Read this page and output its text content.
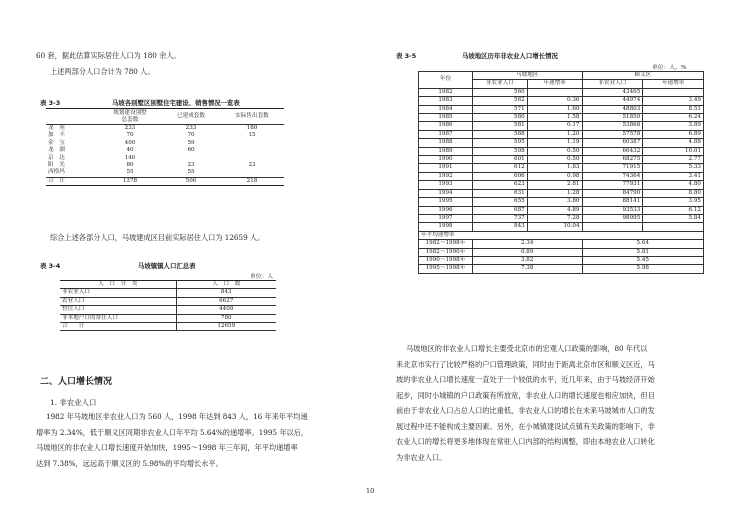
60 套，据此估算实际居住人口为 180 余人。
上述两部分人口合计为 780 人。
表 3-3	马坡各别墅区别墅住宅建设、销售情况一览表
	规划建设别墅
总套数	已建成套数	实际售出套数
龙　苑	233	233	180
加　丰	70	70	15
金　宝	400	59	
龙　湖	40	60	
京　达	140		
阳　光	80	23	23
西格玛	55	55	
合　计	1378	500	218
综合上述各部分人口，马坡建成区目前实际居住人口为 12659 人。
表 3-4	马坡镇镇人口汇总表
单位：人
人　口　分　类	人　口　数
非农业人口	843
农业人口	6627
暂住人口	4409
非本地户口的常住人口	780
合　　计	12659
二、人口增长情况
1. 非农业人口
1982 年马坡地区非农业人口为 560 人，1998 年达到 843 人，16 年来年平均递
增率为 2.34%，低于顺义区同期非农业人口年平均 5.64%的递增率。1995 年以后，
马坡地区的非农业人口增长速度开始加快，1995～1998 年三年间，年平均递增率
达到 7.38%，远远高于顺义区的 5.98%的平均增长水平。
表 3-5	马坡地区历年非农业人口增长情况
单位：人，%
年份	马坡地区		顺义区	
	非农业人口	年递增率	非农业人口	年递增率
1982	560		43465	
1983	562	0.36	44974	3.49
1984	571	1.60	48803	8.51
1985	580	1.58	51850	6.24
1986	581	0.17	53868	3.89
1987	588	1.20	57578	6.89
1988	595	1.19	60387	4.88
1989	598	0.50	66432	10.01
1990	601	0.50	68275	2.77
1991	612	1.83	71915	5.33
1992	606	0.98	74364	3.41
1993	623	2.81	77931	4.80
1994	631	1.28	84790	8.80
1995	655	3.80	88141	3.95
1996	687	4.89	93533	6.12
1997	737	7.28	98995	5.84
1998	843	10.04		
年平均递增率				
1982～1998年	2.34		5.64	
1982～1990年	0.89		5.81	
1990～1998年	3.82		5.45	
1995～1998年	7.38		5.98	
马坡地区的非农业人口增长主要受北京市的宏观人口政策的影响，80 年代以
来北京市实行了比较严格的户口管理政策，同时由于距离北京市区和顺义区近，马
坡的非农业人口增长速度一直处于一个较低的水平，近几年来，由于马坡经济开始
起步，同时小城镇的户口政策有所放宽，非农业人口的增长速度也相应加快，但目
前由于非农业人口占总人口的比重低，非农业人口的增长在未来马坡城市人口的发
展过程中还不能构成主要因素。另外，在小城镇建设试点镇有关政策的影响下，非
农业人口的增长将更多地体现在常驻人口内部的结构调整，即由本地农业人口转化
为非农业人口。
10
